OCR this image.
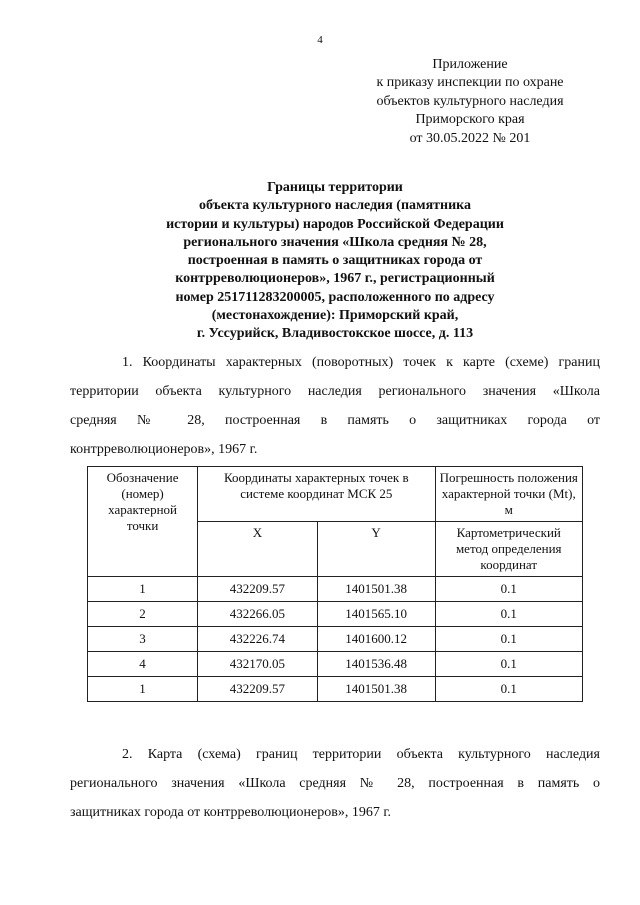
4
Приложение
к приказу инспекции по охране
объектов культурного наследия
Приморского края
от 30.05.2022 № 201
Границы территории
объекта культурного наследия (памятника
истории и культуры) народов Российской Федерации
регионального значения «Школа средняя № 28,
построенная в память о защитниках города от
контрреволюционеров», 1967 г., регистрационный
номер 251711283200005, расположенного по адресу
(местонахождение): Приморский край,
г. Уссурийск, Владивостокское шоссе, д. 113
1. Координаты характерных (поворотных) точек к карте (схеме) границ
территории объекта культурного наследия регионального значения «Школа
средняя № 28, построенная в память о защитниках города от
контрреволюционеров», 1967 г.
Обозначение (номер) характерной точки	Координаты характерных точек в системе координат МСК 25		Погрешность положения характерной точки (Mt), м
	X	Y	Картометрический метод определения координат
1	432209.57	1401501.38	0.1
2	432266.05	1401565.10	0.1
3	432226.74	1401600.12	0.1
4	432170.05	1401536.48	0.1
1	432209.57	1401501.38	0.1
2. Карта (схема) границ территории объекта культурного наследия
регионального значения «Школа средняя № 28, построенная в память о
защитниках города от контрреволюционеров», 1967 г.
